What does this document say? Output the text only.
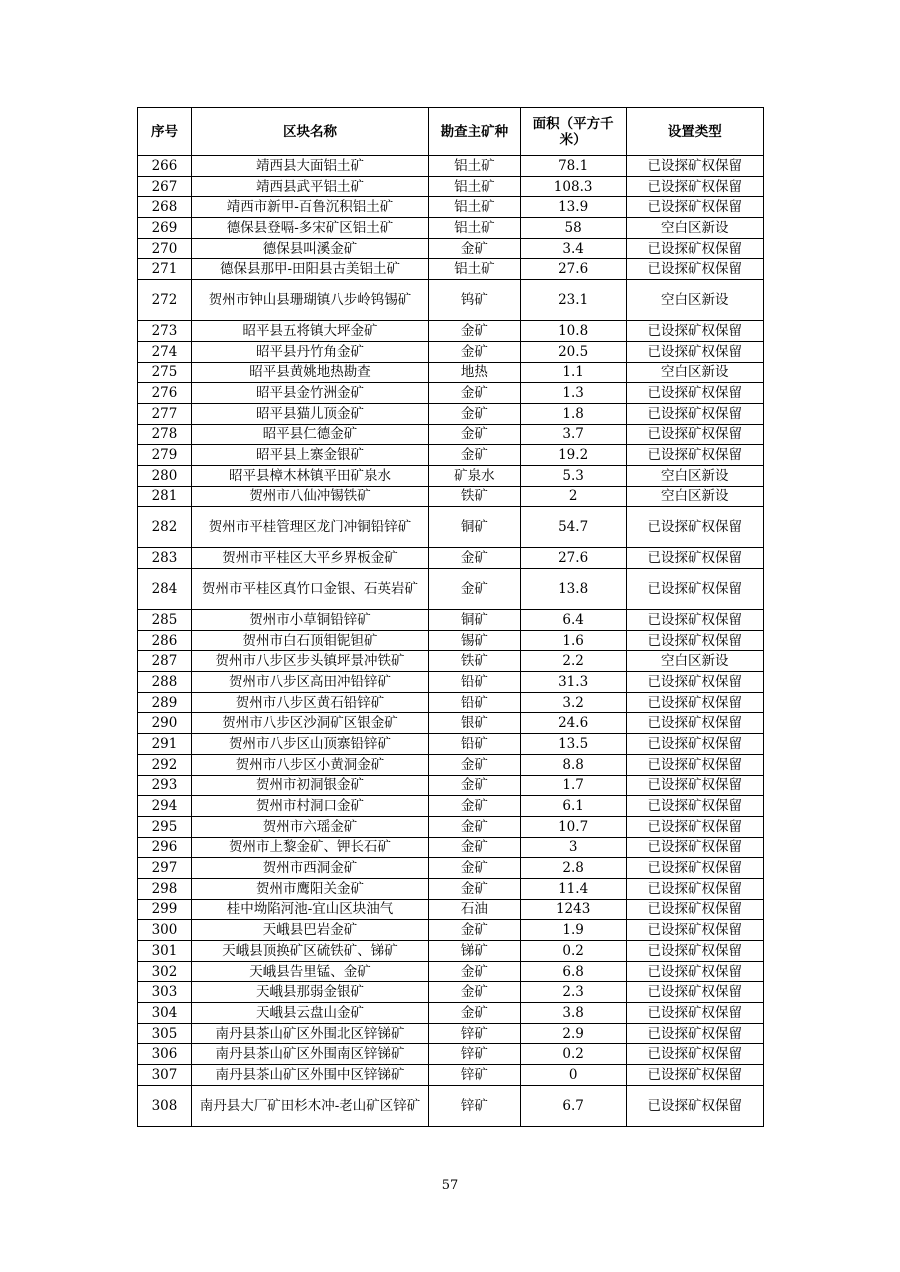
序号	区块名称	勘查主矿种	面积（平方千米）	设置类型
266	靖西县大面铝土矿	铝土矿	78.1	已设探矿权保留
267	靖西县武平铝土矿	铝土矿	108.3	已设探矿权保留
268	靖西市新甲-百鲁沉积铝土矿	铝土矿	13.9	已设探矿权保留
269	德保县登嗝-多宋矿区铝土矿	铝土矿	58	空白区新设
270	德保县叫溪金矿	金矿	3.4	已设探矿权保留
271	德保县那甲-田阳县古美铝土矿	铝土矿	27.6	已设探矿权保留
272	贺州市钟山县珊瑚镇八步岭钨锡矿	钨矿	23.1	空白区新设
273	昭平县五将镇大坪金矿	金矿	10.8	已设探矿权保留
274	昭平县丹竹角金矿	金矿	20.5	已设探矿权保留
275	昭平县黄姚地热勘查	地热	1.1	空白区新设
276	昭平县金竹洲金矿	金矿	1.3	已设探矿权保留
277	昭平县猫儿顶金矿	金矿	1.8	已设探矿权保留
278	昭平县仁德金矿	金矿	3.7	已设探矿权保留
279	昭平县上寨金银矿	金矿	19.2	已设探矿权保留
280	昭平县樟木林镇平田矿泉水	矿泉水	5.3	空白区新设
281	贺州市八仙冲锡铁矿	铁矿	2	空白区新设
282	贺州市平桂管理区龙门冲铜铅锌矿	铜矿	54.7	已设探矿权保留
283	贺州市平桂区大平乡界板金矿	金矿	27.6	已设探矿权保留
284	贺州市平桂区真竹口金银、石英岩矿	金矿	13.8	已设探矿权保留
285	贺州市小草铜铅锌矿	铜矿	6.4	已设探矿权保留
286	贺州市白石顶钼铌钽矿	锡矿	1.6	已设探矿权保留
287	贺州市八步区步头镇坪景冲铁矿	铁矿	2.2	空白区新设
288	贺州市八步区高田冲铅锌矿	铅矿	31.3	已设探矿权保留
289	贺州市八步区黄石铅锌矿	铅矿	3.2	已设探矿权保留
290	贺州市八步区沙洞矿区银金矿	银矿	24.6	已设探矿权保留
291	贺州市八步区山顶寨铅锌矿	铅矿	13.5	已设探矿权保留
292	贺州市八步区小黄洞金矿	金矿	8.8	已设探矿权保留
293	贺州市初洞银金矿	金矿	1.7	已设探矿权保留
294	贺州市村洞口金矿	金矿	6.1	已设探矿权保留
295	贺州市六瑶金矿	金矿	10.7	已设探矿权保留
296	贺州市上黎金矿、钾长石矿	金矿	3	已设探矿权保留
297	贺州市西洞金矿	金矿	2.8	已设探矿权保留
298	贺州市鹰阳关金矿	金矿	11.4	已设探矿权保留
299	桂中坳陷河池-宜山区块油气	石油	1243	已设探矿权保留
300	天峨县巴岩金矿	金矿	1.9	已设探矿权保留
301	天峨县顶换矿区硫铁矿、锑矿	锑矿	0.2	已设探矿权保留
302	天峨县告里锰、金矿	金矿	6.8	已设探矿权保留
303	天峨县那弱金银矿	金矿	2.3	已设探矿权保留
304	天峨县云盘山金矿	金矿	3.8	已设探矿权保留
305	南丹县茶山矿区外围北区锌锑矿	锌矿	2.9	已设探矿权保留
306	南丹县茶山矿区外围南区锌锑矿	锌矿	0.2	已设探矿权保留
307	南丹县茶山矿区外围中区锌锑矿	锌矿	0	已设探矿权保留
308	南丹县大厂矿田杉木冲-老山矿区锌矿	锌矿	6.7	已设探矿权保留
57
